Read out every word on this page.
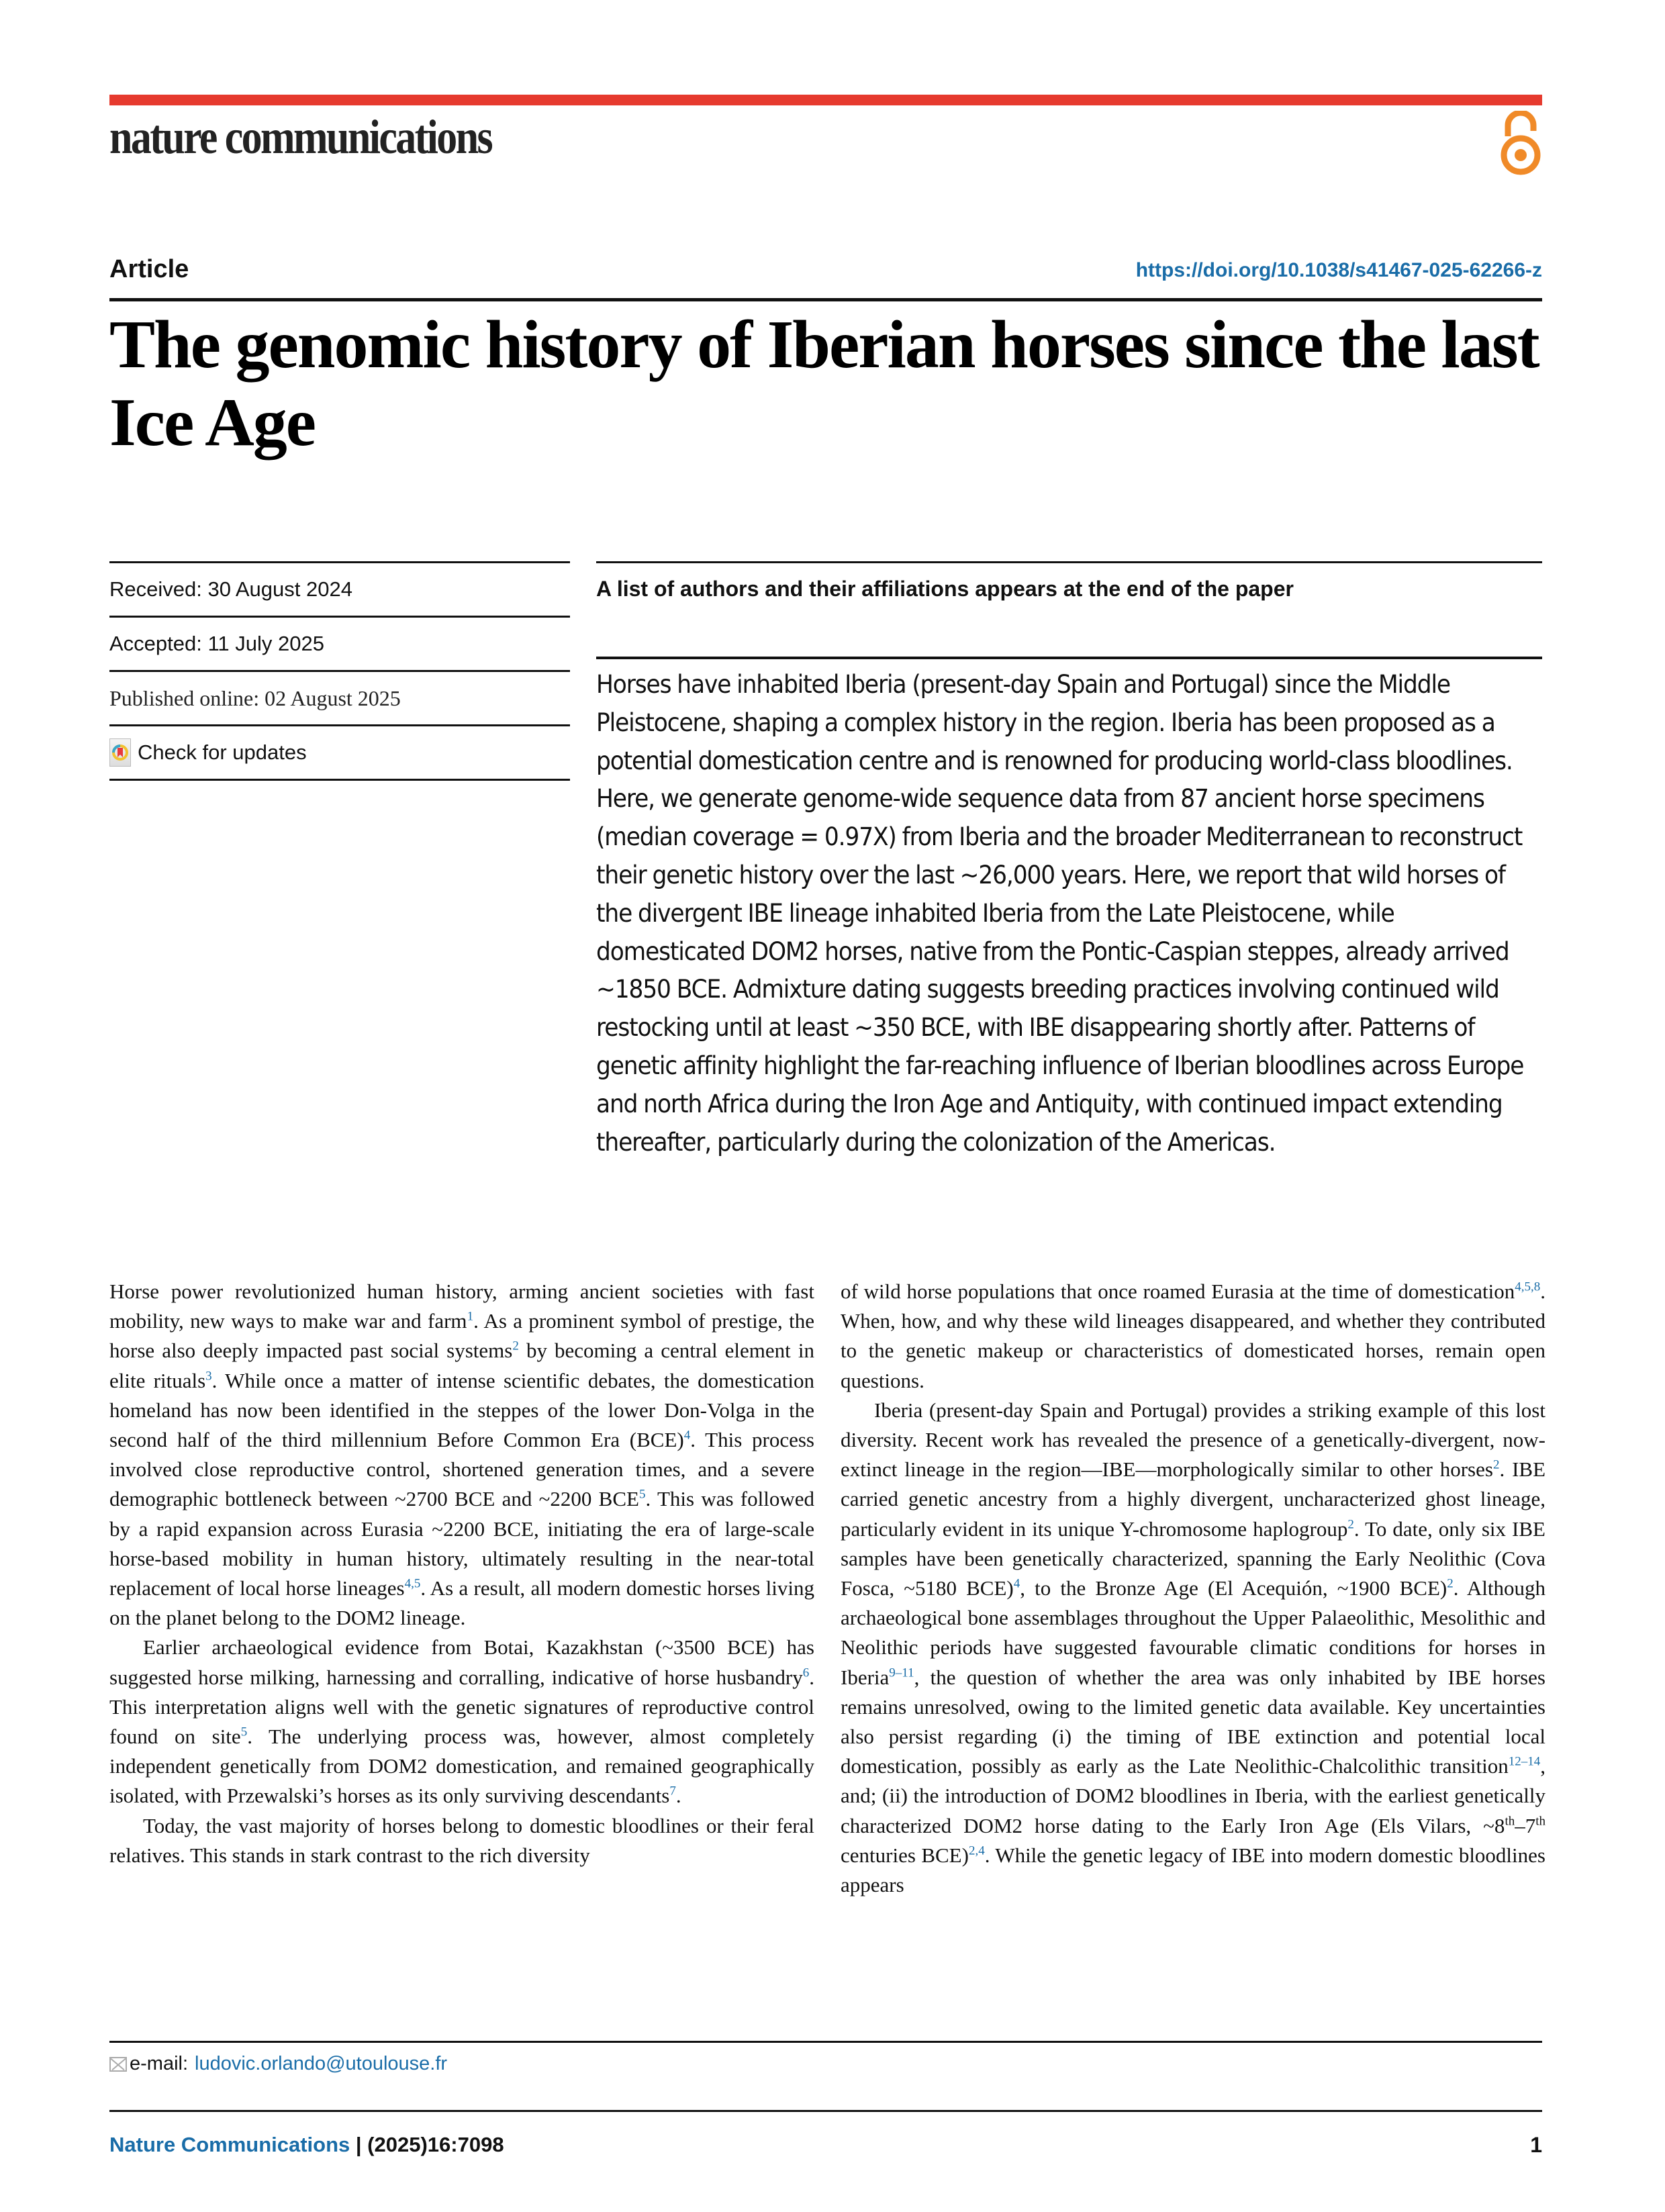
nature communications
Article	https://doi.org/10.1038/s41467-025-62266-z
The genomic history of Iberian horses since the last Ice Age
Received: 30 August 2024
Accepted: 11 July 2025
Published online: 02 August 2025
Check for updates
A list of authors and their affiliations appears at the end of the paper

Horses have inhabited Iberia (present-day Spain and Portugal) since the Middle Pleistocene, shaping a complex history in the region. Iberia has been proposed as a potential domestication centre and is renowned for producing world-class bloodlines. Here, we generate genome-wide sequence data from 87 ancient horse specimens (median coverage = 0.97X) from Iberia and the broader Mediterranean to reconstruct their genetic history over the last ~26,000 years. Here, we report that wild horses of the divergent IBE lineage inhabited Iberia from the Late Pleistocene, while domesticated DOM2 horses, native from the Pontic-Caspian steppes, already arrived ~1850 BCE. Admixture dating suggests breeding practices involving continued wild restocking until at least ~350 BCE, with IBE disappearing shortly after. Patterns of genetic affinity highlight the far-reaching influence of Iberian bloodlines across Europe and north Africa during the Iron Age and Antiquity, with continued impact extending thereafter, particularly during the colonization of the Americas.

Horse power revolutionized human history, arming ancient societies with fast mobility, new ways to make war and farm$^1$. As a prominent symbol of prestige, the horse also deeply impacted past social systems$^2$ by becoming a central element in elite rituals$^3$. While once a matter of intense scientific debates, the domestication homeland has now been identified in the steppes of the lower Don-Volga in the second half of the third millennium Before Common Era (BCE)$^4$. This process involved close reproductive control, shortened generation times, and a severe demographic bottleneck between ~2700 BCE and ~2200 BCE$^5$. This was followed by a rapid expansion across Eurasia ~2200 BCE, initiating the era of large-scale horse-based mobility in human history, ultimately resulting in the near-total replacement of local horse lineages$^{4,5}$. As a result, all modern domestic horses living on the planet belong to the DOM2 lineage.

Earlier archaeological evidence from Botai, Kazakhstan (~3500 BCE) has suggested horse milking, harnessing and corralling, indicative of horse husbandry$^6$. This interpretation aligns well with the genetic signatures of reproductive control found on site$^5$. The underlying process was, however, almost completely independent genetically from DOM2 domestication, and remained geographically isolated, with Przewalski’s horses as its only surviving descendants$^7$.

Today, the vast majority of horses belong to domestic bloodlines or their feral relatives. This stands in stark contrast to the rich diversity

of wild horse populations that once roamed Eurasia at the time of domestication$^{4,5,8}$. When, how, and why these wild lineages disappeared, and whether they contributed to the genetic makeup or characteristics of domesticated horses, remain open questions.

Iberia (present-day Spain and Portugal) provides a striking example of this lost diversity. Recent work has revealed the presence of a genetically-divergent, now-extinct lineage in the region—IBE—morphologically similar to other horses$^2$. IBE carried genetic ancestry from a highly divergent, uncharacterized ghost lineage, particularly evident in its unique Y-chromosome haplogroup$^2$. To date, only six IBE samples have been genetically characterized, spanning the Early Neolithic (Cova Fosca, ~5180 BCE)$^4$, to the Bronze Age (El Acequión, ~1900 BCE)$^2$. Although archaeological bone assemblages throughout the Upper Palaeolithic, Mesolithic and Neolithic periods have suggested favourable climatic conditions for horses in Iberia$^{9-11}$, the question of whether the area was only inhabited by IBE horses remains unresolved, owing to the limited genetic data available. Key uncertainties also persist regarding (i) the timing of IBE extinction and potential local domestication, possibly as early as the Late Neolithic-Chalcolithic transition$^{12-14}$, and; (ii) the introduction of DOM2 bloodlines in Iberia, with the earliest genetically characterized DOM2 horse dating to the Early Iron Age (Els Vilars, ~8th–7th centuries BCE)$^{2,4}$. While the genetic legacy of IBE into modern domestic bloodlines appears

e-mail: ludovic.orlando@utoulouse.fr
Nature Communications | (2025)16:7098	1
